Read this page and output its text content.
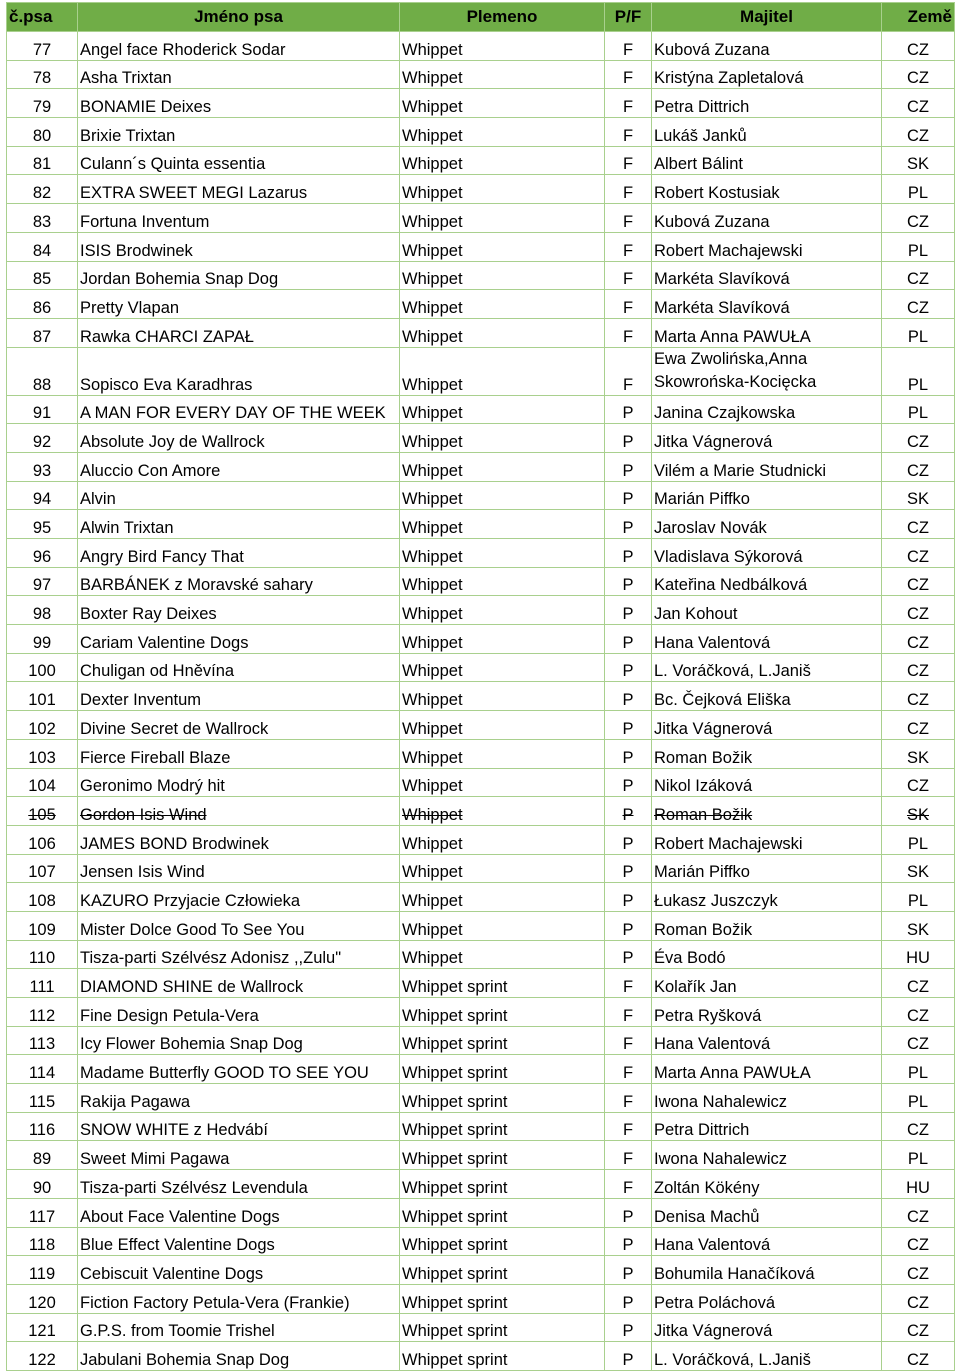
č.psa	Jméno psa	Plemeno	P/F	Majitel	Země
77	Angel face Rhoderick Sodar	Whippet	F	Kubová Zuzana	CZ
78	Asha Trixtan	Whippet	F	Kristýna Zapletalová	CZ
79	BONAMIE Deixes	Whippet	F	Petra Dittrich	CZ
80	Brixie Trixtan	Whippet	F	Lukáš Janků	CZ
81	Culann´s Quinta essentia	Whippet	F	Albert Bálint	SK
82	EXTRA SWEET MEGI Lazarus	Whippet	F	Robert Kostusiak	PL
83	Fortuna Inventum	Whippet	F	Kubová Zuzana	CZ
84	ISIS Brodwinek	Whippet	F	Robert Machajewski	PL
85	Jordan Bohemia Snap Dog	Whippet	F	Markéta Slavíková	CZ
86	Pretty Vlapan	Whippet	F	Markéta Slavíková	CZ
87	Rawka CHARCI ZAPAŁ	Whippet	F	Marta Anna PAWUŁA	PL
88	Sopisco Eva Karadhras	Whippet	F	Ewa Zwolińska,Anna Skowrońska-Kocięcka	PL
91	A MAN FOR EVERY DAY OF THE WEEK	Whippet	P	Janina Czajkowska	PL
92	Absolute Joy de Wallrock	Whippet	P	Jitka Vágnerová	CZ
93	Aluccio Con Amore	Whippet	P	Vilém a Marie Studnicki	CZ
94	Alvin	Whippet	P	Marián Piffko	SK
95	Alwin Trixtan	Whippet	P	Jaroslav Novák	CZ
96	Angry Bird Fancy That	Whippet	P	Vladislava Sýkorová	CZ
97	BARBÁNEK z Moravské sahary	Whippet	P	Kateřina Nedbálková	CZ
98	Boxter Ray Deixes	Whippet	P	Jan Kohout	CZ
99	Cariam Valentine Dogs	Whippet	P	Hana Valentová	CZ
100	Chuligan od Hněvína	Whippet	P	L. Voráčková, L.Janiš	CZ
101	Dexter Inventum	Whippet	P	Bc. Čejková Eliška	CZ
102	Divine Secret de Wallrock	Whippet	P	Jitka Vágnerová	CZ
103	Fierce Fireball Blaze	Whippet	P	Roman Božik	SK
104	Geronimo Modrý hit	Whippet	P	Nikol Izáková	CZ
105	Gordon Isis Wind	Whippet	P	Roman Božik	SK
106	JAMES BOND Brodwinek	Whippet	P	Robert Machajewski	PL
107	Jensen Isis Wind	Whippet	P	Marián Piffko	SK
108	KAZURO Przyjacie Człowieka	Whippet	P	Łukasz Juszczyk	PL
109	Mister Dolce Good To See You	Whippet	P	Roman Božik	SK
110	Tisza-parti Szélvész Adonisz ,,Zulu"	Whippet	P	Éva Bodó	HU
111	DIAMOND SHINE de Wallrock	Whippet sprint	F	Kolařík Jan	CZ
112	Fine Design Petula-Vera	Whippet sprint	F	Petra Ryšková	CZ
113	Icy Flower Bohemia Snap Dog	Whippet sprint	F	Hana Valentová	CZ
114	Madame Butterfly GOOD TO SEE YOU	Whippet sprint	F	Marta Anna PAWUŁA	PL
115	Rakija Pagawa	Whippet sprint	F	Iwona Nahalewicz	PL
116	SNOW WHITE z Hedvábí	Whippet sprint	F	Petra Dittrich	CZ
89	Sweet Mimi Pagawa	Whippet sprint	F	Iwona Nahalewicz	PL
90	Tisza-parti Szélvész Levendula	Whippet sprint	F	Zoltán Kökény	HU
117	About Face Valentine Dogs	Whippet sprint	P	Denisa Machů	CZ
118	Blue Effect Valentine Dogs	Whippet sprint	P	Hana Valentová	CZ
119	Cebiscuit Valentine Dogs	Whippet sprint	P	Bohumila Hanačíková	CZ
120	Fiction Factory Petula-Vera (Frankie)	Whippet sprint	P	Petra Poláchová	CZ
121	G.P.S. from Toomie Trishel	Whippet sprint	P	Jitka Vágnerová	CZ
122	Jabulani Bohemia Snap Dog	Whippet sprint	P	L. Voráčková, L.Janiš	CZ
